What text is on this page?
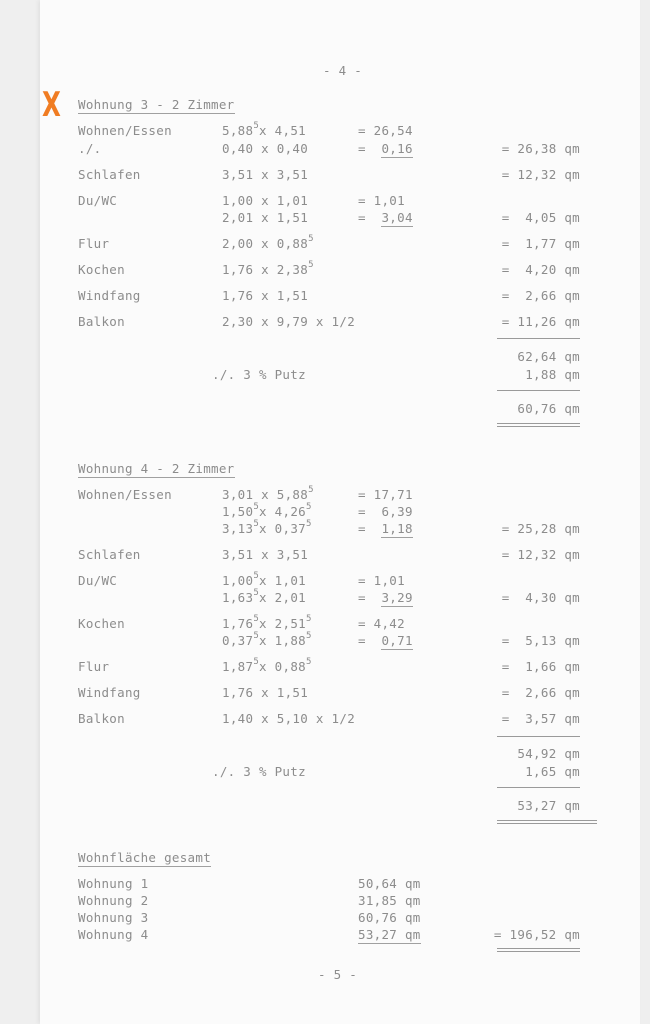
X
- 4 -
Wohnung 3 - 2 Zimmer
Wohnen/Essen	5,88$^5$x 4,51	= 26,54
./.	0,40 x 0,40	= 0,16	= 26,38 qm
Schlafen	3,51 x 3,51	= 12,32 qm
Du/WC	1,00 x 1,01	= 1,01
2,01 x 1,51	= 3,04	=  4,05 qm
Flur	2,00 x $0,88^5$	=  1,77 qm
Kochen	1,76 x $2,38^5$	=  4,20 qm
Windfang	1,76 x 1,51	=  2,66 qm
Balkon	2,30 x 9,79 x 1/2	= 11,26 qm
62,64 qm
./. 3 % Putz	1,88 qm
60,76 qm
Wohnung 4 - 2 Zimmer
Wohnen/Essen	3,01 x $5,88^5$	= 17,71
1,50$^5$x $4,26^5$	=  6,39
3,13$^5$x $0,37^5$	= 1,18	= 25,28 qm
Schlafen	3,51 x 3,51	= 12,32 qm
Du/WC	1,00$^5$x 1,01	= 1,01
1,63$^5$x 2,01	= 3,29	=  4,30 qm
Kochen	1,76$^5$x $2,51^5$	= 4,42
0,37$^5$x $1,88^5$	= 0,71	=  5,13 qm
Flur	1,87$^5$x $0,88^5$	=  1,66 qm
Windfang	1,76 x 1,51	=  2,66 qm
Balkon	1,40 x 5,10 x 1/2	=  3,57 qm
54,92 qm
./. 3 % Putz	1,65 qm
53,27 qm
Wohnfläche gesamt
Wohnung 1	50,64 qm
Wohnung 2	31,85 qm
Wohnung 3	60,76 qm
Wohnung 4	53,27 qm	= 196,52 qm
- 5 -
